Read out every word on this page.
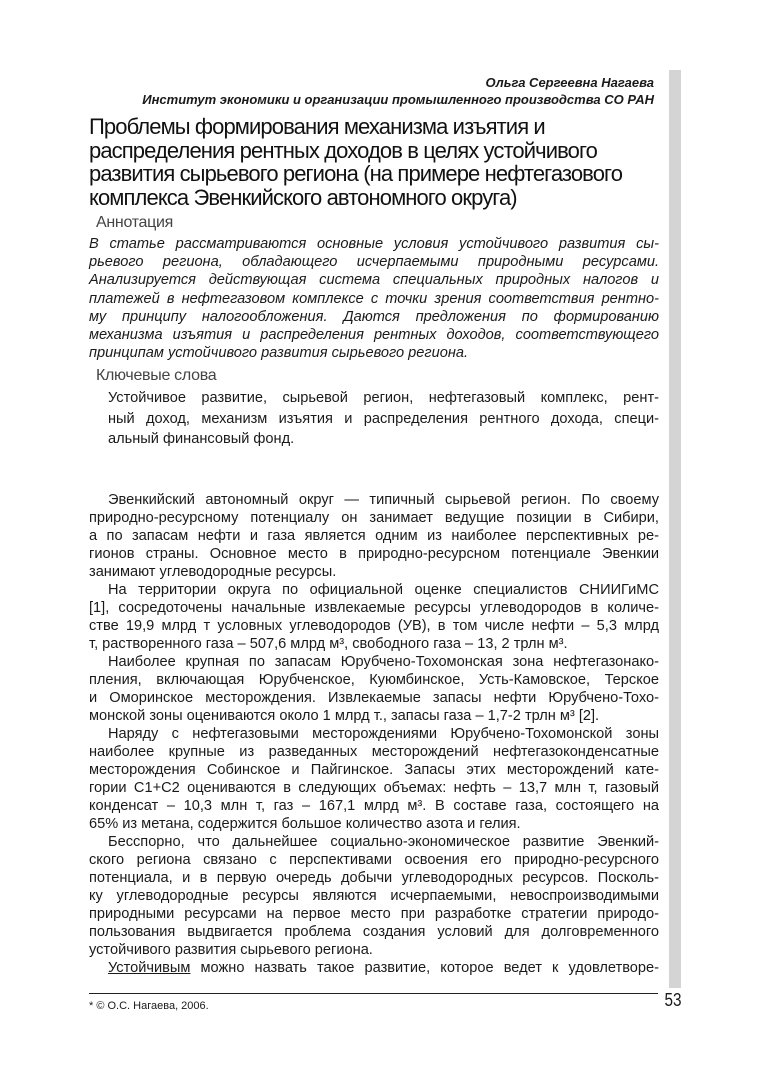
Ольга Сергеевна Нагаева
Институт экономики и организации промышленного производства СО РАН
Проблемы формирования механизма изъятия и
распределения рентных доходов в целях устойчивого
развития сырьевого региона (на примере нефтегазового
комплекса Эвенкийского автономного округа)
Аннотация
В статье рассматриваются основные условия устойчивого развития сы-
рьевого региона, обладающего исчерпаемыми природными ресурсами.
Анализируется действующая система специальных природных налогов и
платежей в нефтегазовом комплексе с точки зрения соответствия рентно-
му принципу налогообложения. Даются предложения по формированию
механизма изъятия и распределения рентных доходов, соответствующего
принципам устойчивого развития сырьевого региона.
Ключевые слова
Устойчивое развитие, сырьевой регион, нефтегазовый комплекс, рент-
ный доход, механизм изъятия и распределения рентного дохода, специ-
альный финансовый фонд.
Эвенкийский автономный округ — типичный сырьевой регион. По своему
природно-ресурсному потенциалу он занимает ведущие позиции в Сибири,
а по запасам нефти и газа является одним из наиболее перспективных ре-
гионов страны. Основное место в природно-ресурсном потенциале Эвенкии
занимают углеводородные ресурсы.
На территории округа по официальной оценке специалистов СНИИГиМС
[1], сосредоточены начальные извлекаемые ресурсы углеводородов в количе-
стве 19,9 млрд т условных углеводородов (УВ), в том числе нефти – 5,3 млрд
т, растворенного газа – 507,6 млрд м³, свободного газа – 13, 2 трлн м³.
Наиболее крупная по запасам Юрубчено-Тохомонская зона нефтегазонако-
пления, включающая Юрубченское, Куюмбинское, Усть-Камовское, Терское
и Оморинское месторождения. Извлекаемые запасы нефти Юрубчено-Тохо-
монской зоны оцениваются около 1 млрд т., запасы газа – 1,7-2 трлн м³ [2].
Наряду с нефтегазовыми месторождениями Юрубчено-Тохомонской зоны
наиболее крупные из разведанных месторождений нефтегазоконденсатные
месторождения Собинское и Пайгинское. Запасы этих месторождений кате-
гории С1+С2 оцениваются в следующих объемах: нефть – 13,7 млн т, газовый
конденсат – 10,3 млн т, газ – 167,1 млрд м³. В составе газа, состоящего на
65% из метана, содержится большое количество азота и гелия.
Бесспорно, что дальнейшее социально-экономическое развитие Эвенкий-
ского региона связано с перспективами освоения его природно-ресурсного
потенциала, и в первую очередь добычи углеводородных ресурсов. Посколь-
ку углеводородные ресурсы являются исчерпаемыми, невоспроизводимыми
природными ресурсами на первое место при разработке стратегии природо-
пользования выдвигается проблема создания условий для долговременного
устойчивого развития сырьевого региона.
Устойчивым можно назвать такое развитие, которое ведет к удовлетворе-
* © О.С. Нагаева, 2006.	53
